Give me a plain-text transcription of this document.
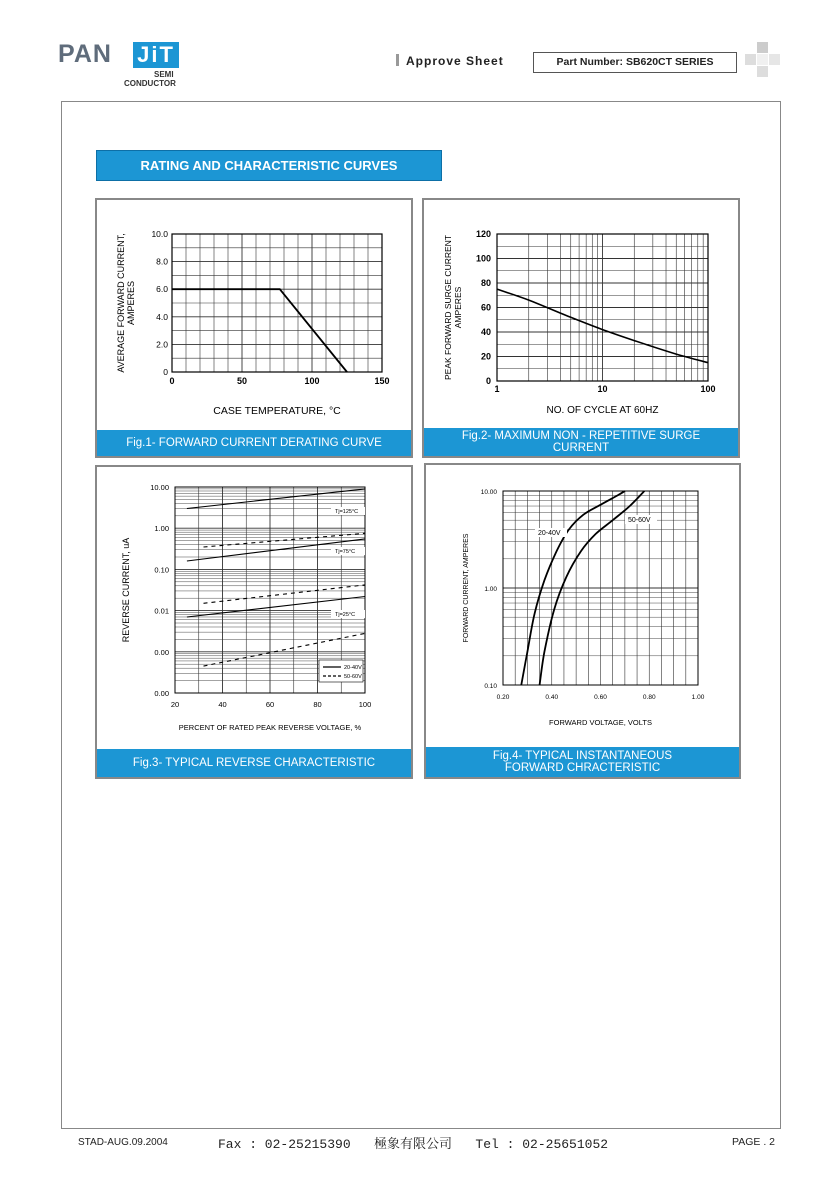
PAN JiT
SEMI
CONDUCTOR
Approve Sheet	Part Number: SB620CT SERIES
RATING AND CHARACTERISTIC CURVES
0	50	100	150
0
2.0
4.0
6.0
8.0
10.0
CASE TEMPERATURE, °C
AVERAGE FORWARD CURRENT, AMPERES
Fig.1- FORWARD CURRENT DERATING CURVE
1	10	100
0
20
40
60
80
100
120
NO. OF CYCLE AT 60HZ
PEAK FORWARD SURGE CURRENT AMPERES
Fig.2- MAXIMUM NON - REPETITIVE SURGE CURRENT
20	40	60	80	100
0.00
0.00
0.01
0.10
1.00
10.00
PERCENT OF RATED PEAK REVERSE VOLTAGE, %
REVERSE CURRENT, uA
Tj=125°C
Tj=75°C
Tj=25°C
20-40V
50-60V
Fig.3- TYPICAL REVERSE CHARACTERISTIC
0.20	0.40	0.60	0.80	1.00
0.10
1.00
10.00
FORWARD VOLTAGE, VOLTS
FORWARD CURRENT, AMPERES
20-40V
50-60V
Fig.4- TYPICAL INSTANTANEOUS FORWARD CHRACTERISTIC
STAD-AUG.09.2004	Fax : 02-25215390   極象有限公司   Tel : 02-25651052	PAGE . 2
